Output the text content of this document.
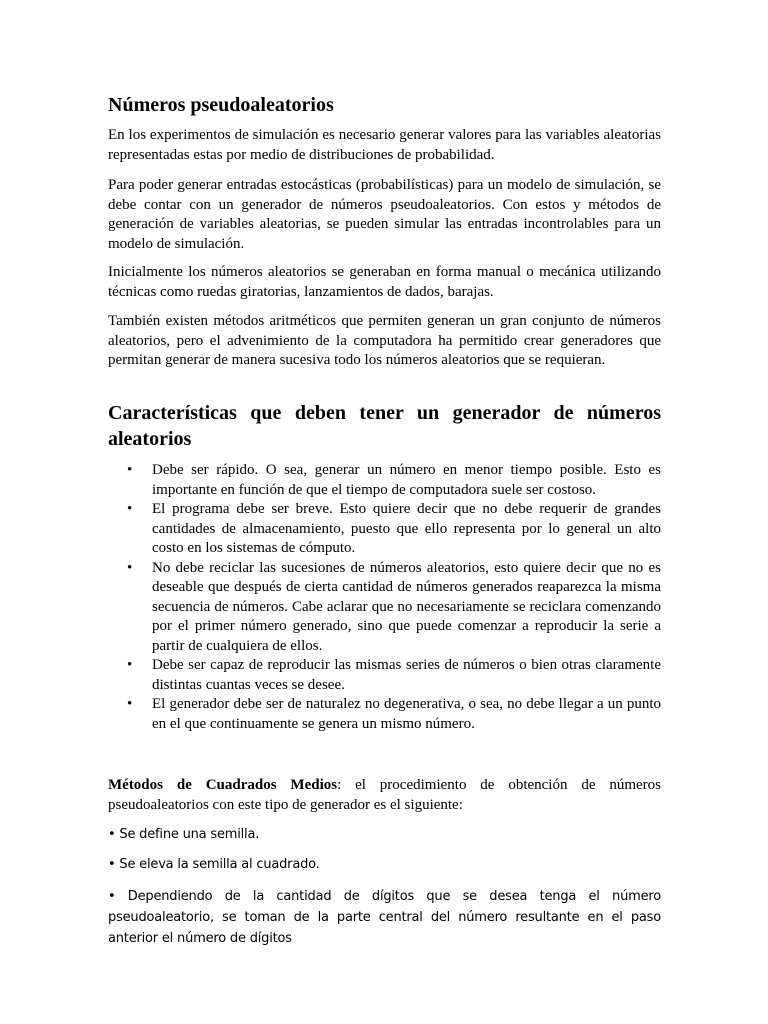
Números pseudoaleatorios

En los experimentos de simulación es necesario generar valores para las variables aleatorias representadas estas por medio de distribuciones de probabilidad.

Para poder generar entradas estocásticas (probabilísticas) para un modelo de simulación, se debe contar con un generador de números pseudoaleatorios. Con estos y métodos de generación de variables aleatorias, se pueden simular las entradas incontrolables para un modelo de simulación.

Inicialmente los números aleatorios se generaban en forma manual o mecánica utilizando técnicas como ruedas giratorias, lanzamientos de dados, barajas.

También existen métodos aritméticos que permiten generan un gran conjunto de números aleatorios, pero el advenimiento de la computadora ha permitido crear generadores que permitan generar de manera sucesiva todo los números aleatorios que se requieran.

Características que deben tener un generador de números
aleatorios
• Debe ser rápido. O sea, generar un número en menor tiempo posible. Esto es importante en función de que el tiempo de computadora suele ser costoso.
• El programa debe ser breve. Esto quiere decir que no debe requerir de grandes cantidades de almacenamiento, puesto que ello representa por lo general un alto costo en los sistemas de cómputo.
• No debe reciclar las sucesiones de números aleatorios, esto quiere decir que no es deseable que después de cierta cantidad de números generados reaparezca la misma secuencia de números. Cabe aclarar que no necesariamente se reciclara comenzando por el primer número generado, sino que puede comenzar a reproducir la serie a partir de cualquiera de ellos.
• Debe ser capaz de reproducir las mismas series de números o bien otras claramente distintas cuantas veces se desee.
• El generador debe ser de naturalez no degenerativa, o sea, no debe llegar a un punto en el que continuamente se genera un mismo número.

Métodos de Cuadrados Medios: el procedimiento de obtención de números pseudoaleatorios con este tipo de generador es el siguiente:

• Se define una semilla.

• Se eleva la semilla al cuadrado.

• Dependiendo de la cantidad de dígitos que se desea tenga el número pseudoaleatorio, se toman de la parte central del número resultante en el paso anterior el número de dígitos
